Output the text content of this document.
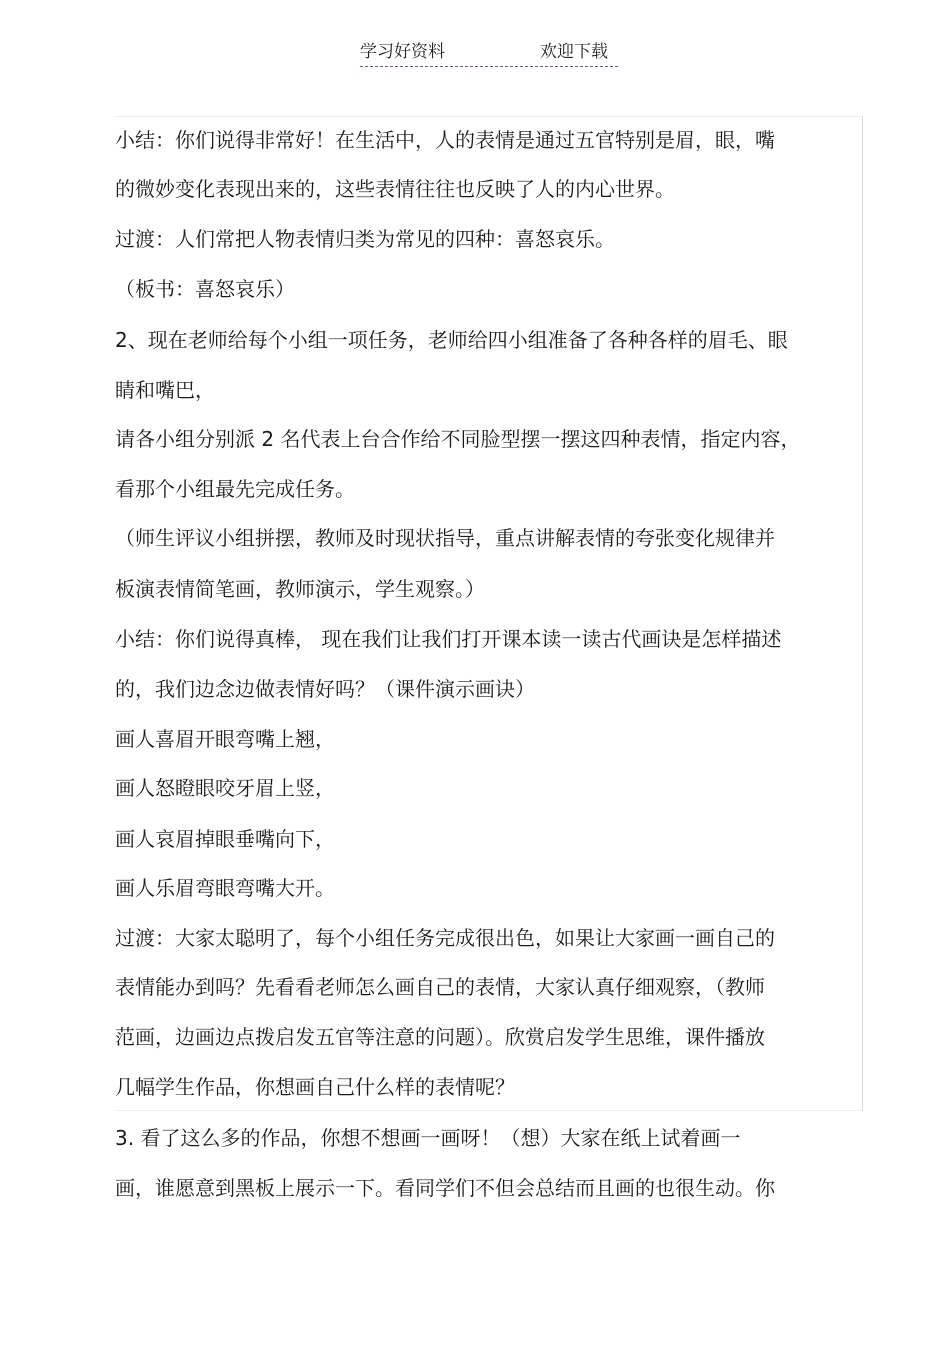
学习好资料	欢迎下载
小结：你们说得非常好！在生活中，人的表情是通过五官特别是眉，眼，嘴
的微妙变化表现出来的，这些表情往往也反映了人的内心世界。
过渡：人们常把人物表情归类为常见的四种：喜怒哀乐。
（板书：喜怒哀乐）
2、现在老师给每个小组一项任务，老师给四小组准备了各种各样的眉毛、眼
睛和嘴巴，
请各小组分别派 2 名代表上台合作给不同脸型摆一摆这四种表情，指定内容，
看那个小组最先完成任务。
（师生评议小组拼摆，教师及时现状指导，重点讲解表情的夸张变化规律并
板演表情简笔画，教师演示，学生观察。）
小结：你们说得真棒， 现在我们让我们打开课本读一读古代画诀是怎样描述
的，我们边念边做表情好吗？（课件演示画诀）
画人喜眉开眼弯嘴上翘，
画人怒瞪眼咬牙眉上竖，
画人哀眉掉眼垂嘴向下，
画人乐眉弯眼弯嘴大开。
过渡：大家太聪明了，每个小组任务完成很出色，如果让大家画一画自己的
表情能办到吗？先看看老师怎么画自己的表情，大家认真仔细观察，（教师
范画，边画边点拨启发五官等注意的问题）。欣赏启发学生思维，课件播放
几幅学生作品，你想画自己什么样的表情呢？
3. 看了这么多的作品，你想不想画一画呀！（想）大家在纸上试着画一
画，谁愿意到黑板上展示一下。看同学们不但会总结而且画的也很生动。你
